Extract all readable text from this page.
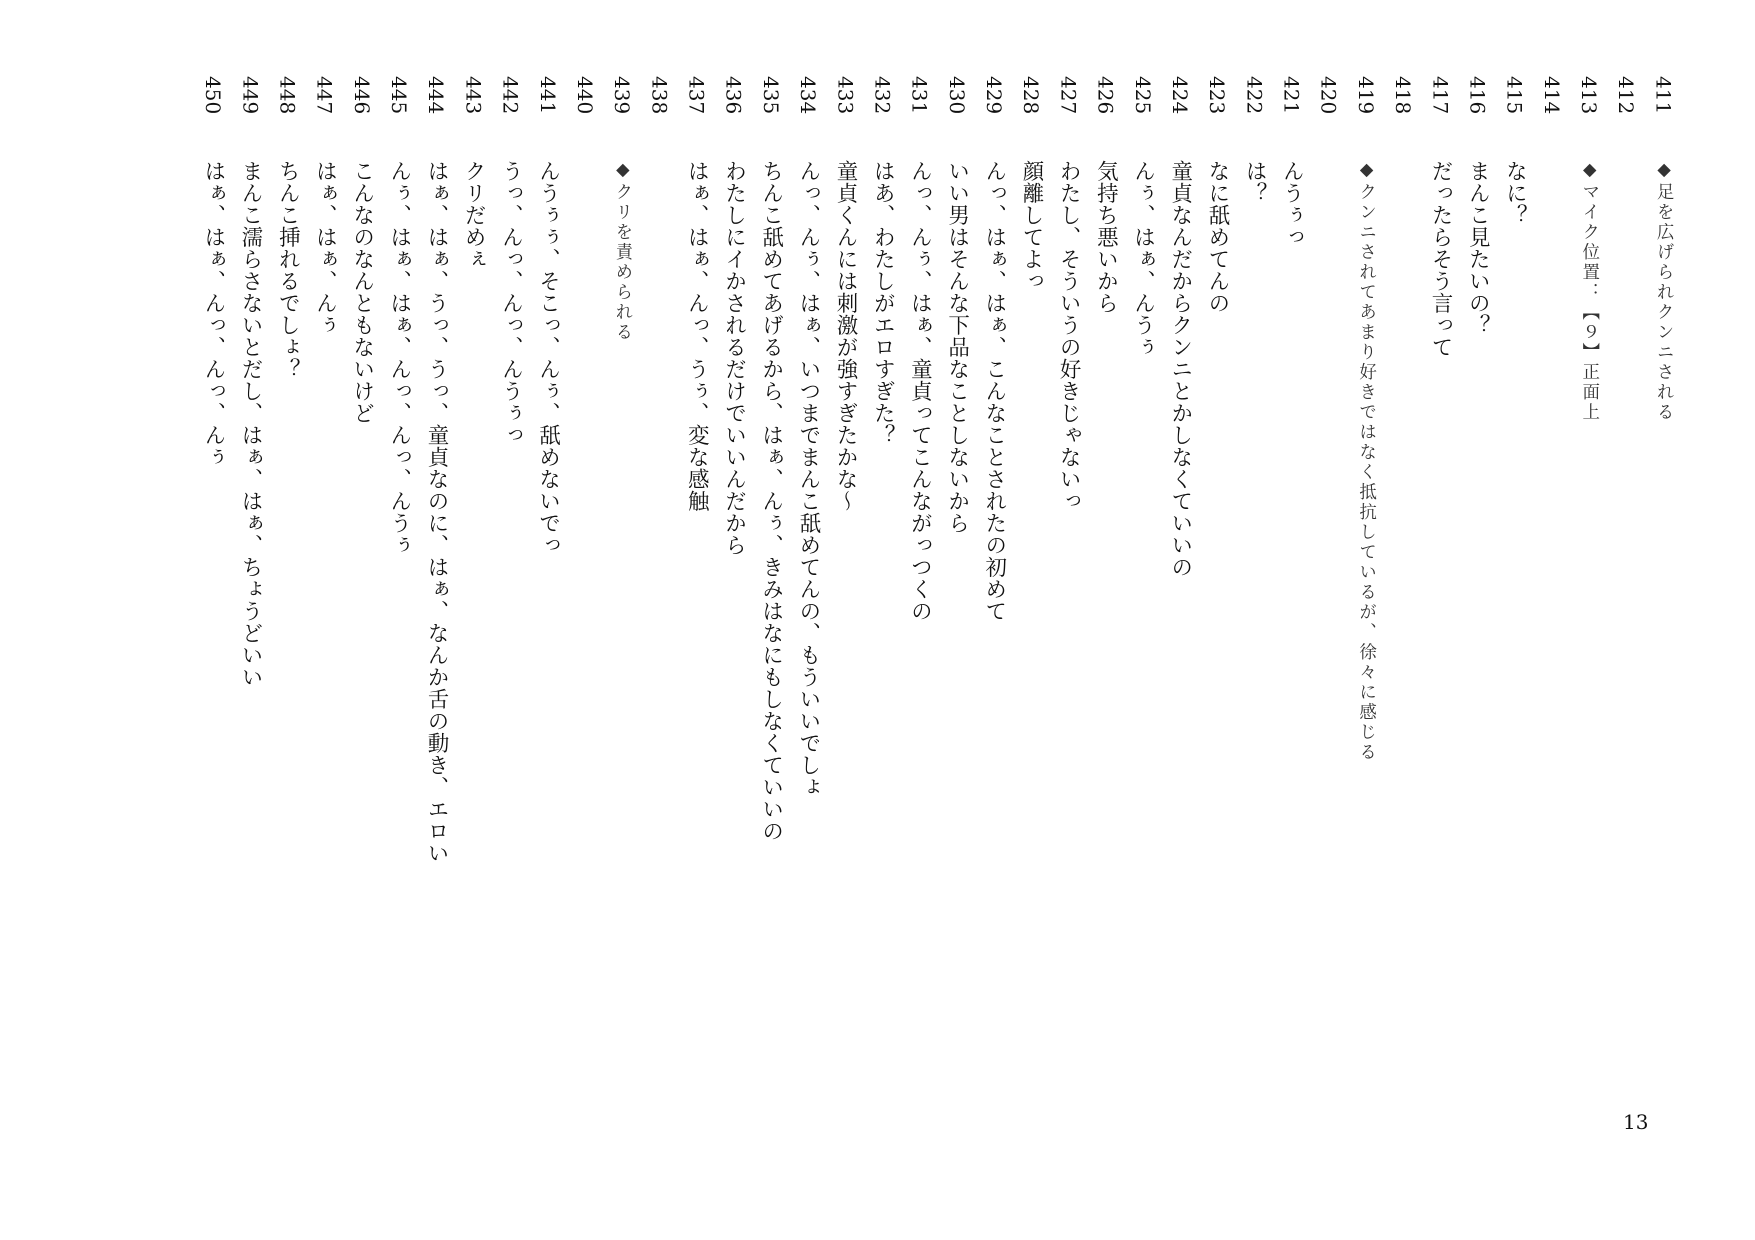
411
◆足を広げられクンニされる
412
413
◆マイク位置：【９】正面上
414
415
なに？
416
まんこ見たいの？
417
だったらそう言って
418
419
◆クンニされてあまり好きではなく抵抗しているが、徐々に感じる
420
421
んうぅっ
422
は？
423
なに舐めてんの
424
童貞なんだからクンニとかしなくていいの
425
んぅ、はぁ、んうぅ
426
気持ち悪いから
427
わたし、そういうの好きじゃないっ
428
顔離してよっ
429
んっ、はぁ、はぁ、こんなことされたの初めて
430
いい男はそんな下品なことしないから
431
んっ、んぅ、はぁ、童貞ってこんながっつくの
432
はあ、わたしがエロすぎた？
433
童貞くんには刺激が強すぎたかな～
434
んっ、んぅ、はぁ、いつまでまんこ舐めてんの、もういいでしょ
435
ちんこ舐めてあげるから、はぁ、んぅ、きみはなにもしなくていいの
436
わたしにイかされるだけでいいんだから
437
はぁ、はぁ、んっ、うぅ、変な感触
438
439
◆クリを責められる
440
441
んうぅぅ、そこっ、んぅ、舐めないでっ
442
うっ、んっ、んっ、んうぅっ
443
クリだめぇ
444
はぁ、はぁ、うっ、うっ、童貞なのに、はぁ、なんか舌の動き、エロい
445
んぅ、はぁ、はぁ、んっ、んっ、んうぅ
446
こんなのなんともないけど
447
はぁ、はぁ、んぅ
448
ちんこ挿れるでしょ？
449
まんこ濡らさないとだし、はぁ、はぁ、ちょうどいい
450
はぁ、はぁ、んっ、んっ、んぅ
13
